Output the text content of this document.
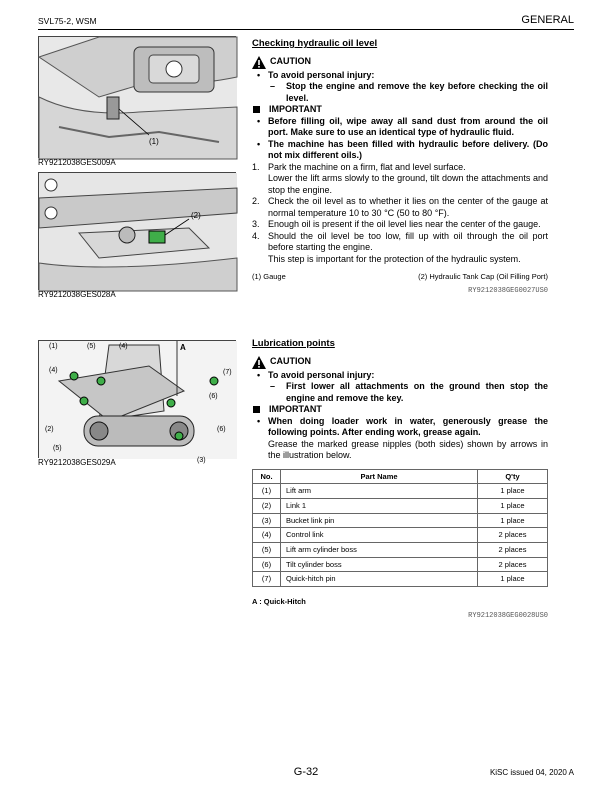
SVL75-2, WSM	GENERAL
(1)
RY9212038GES009A
(2)
RY9212038GES028A
(1)	(5)	(4)
(4)
(2)
(5)
(3)
(6)
(6)
(7)
A
RY9212038GES029A
Checking hydraulic oil level
CAUTION
• To avoid personal injury:
– Stop the engine and remove the key before checking the oil level.
IMPORTANT
• Before filling oil, wipe away all sand dust from around the oil port. Make sure to use an identical type of hydraulic fluid.
• The machine has been filled with hydraulic before delivery. (Do not mix different oils.)
1. Park the machine on a firm, flat and level surface.
Lower the lift arms slowly to the ground, tilt down the attachments and stop the engine.
2. Check the oil level as to whether it lies on the center of the gauge at normal temperature 10 to 30 °C (50 to 80 °F).
3. Enough oil is present if the oil level lies near the center of the gauge.
4. Should the oil level be too low, fill up with oil through the oil port before starting the engine.
This step is important for the protection of the hydraulic system.
(1) Gauge	(2) Hydraulic Tank Cap (Oil Filling Port)
RY9212038GEG0027US0
Lubrication points
CAUTION
• To avoid personal injury:
– First lower all attachments on the ground then stop the engine and remove the key.
IMPORTANT
• When doing loader work in water, generously grease the following points. After ending work, grease again.
Grease the marked grease nipples (both sides) shown by arrows in the illustration below.
No.	Part Name	Q'ty
(1)	Lift arm	1 place
(2)	Link 1	1 place
(3)	Bucket link pin	1 place
(4)	Control link	2 places
(5)	Lift arm cylinder boss	2 places
(6)	Tilt cylinder boss	2 places
(7)	Quick-hitch pin	1 place
A : Quick-Hitch
RY9212038GEG0028US0
G-32	KiSC issued 04, 2020 A
